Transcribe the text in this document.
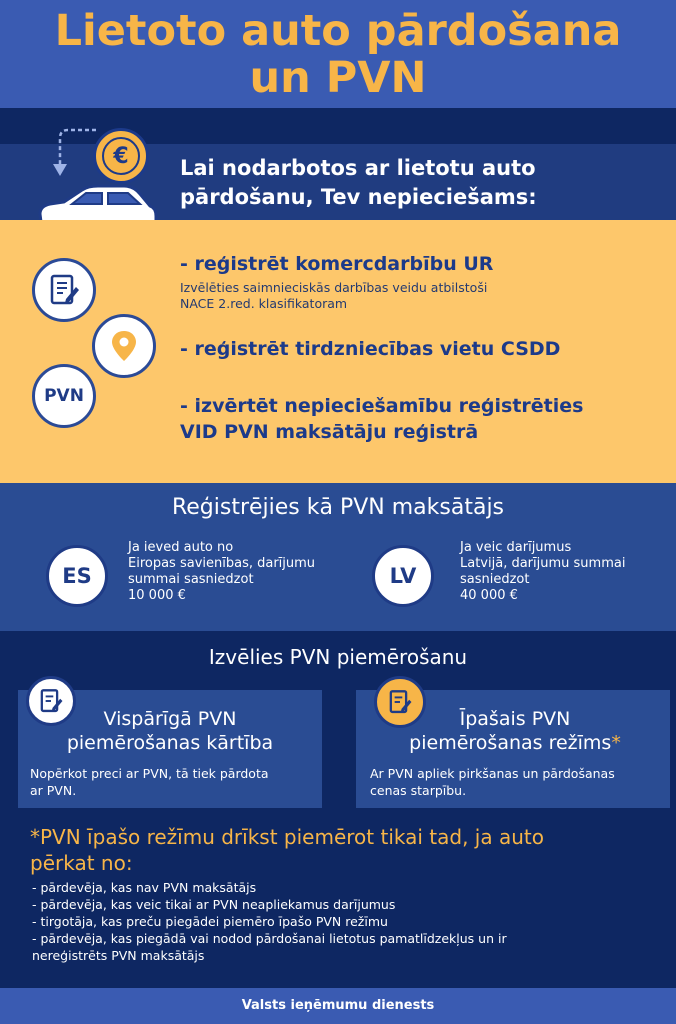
Lietoto auto pārdošana
un PVN
€ Lai nodarbotos ar lietotu auto
pārdošanu, Tev nepieciešams:
PVN
- reģistrēt komercdarbību UR
Izvēlēties saimnieciskās darbības veidu atbilstoši
NACE 2.red. klasifikatoram
- reģistrēt tirdzniecības vietu CSDD
- izvērtēt nepieciešamību reģistrēties
VID PVN maksātāju reģistrā
Reģistrējies kā PVN maksātājs
ES
Ja ieved auto no
Eiropas savienības, darījumu
summai sasniedzot
10 000 €
LV
Ja veic darījumus
Latvijā, darījumu summai
sasniedzot
40 000 €
Izvēlies PVN piemērošanu
Vispārīgā PVN
piemērošanas kārtība
Nopērkot preci ar PVN, tā tiek pārdota
ar PVN.
Īpašais PVN
piemērošanas režīms*
Ar PVN apliek pirkšanas un pārdošanas
cenas starpību.
*PVN īpašo režīmu drīkst piemērot tikai tad, ja auto
pērkat no:
- pārdevēja, kas nav PVN maksātājs
- pārdevēja, kas veic tikai ar PVN neapliekamus darījumus
- tirgotāja, kas preču piegādei piemēro īpašo PVN režīmu
- pārdevēja, kas piegādā vai nodod pārdošanai lietotus pamatlīdzekļus un ir
nereģistrēts PVN maksātājs
Valsts ieņēmumu dienests
